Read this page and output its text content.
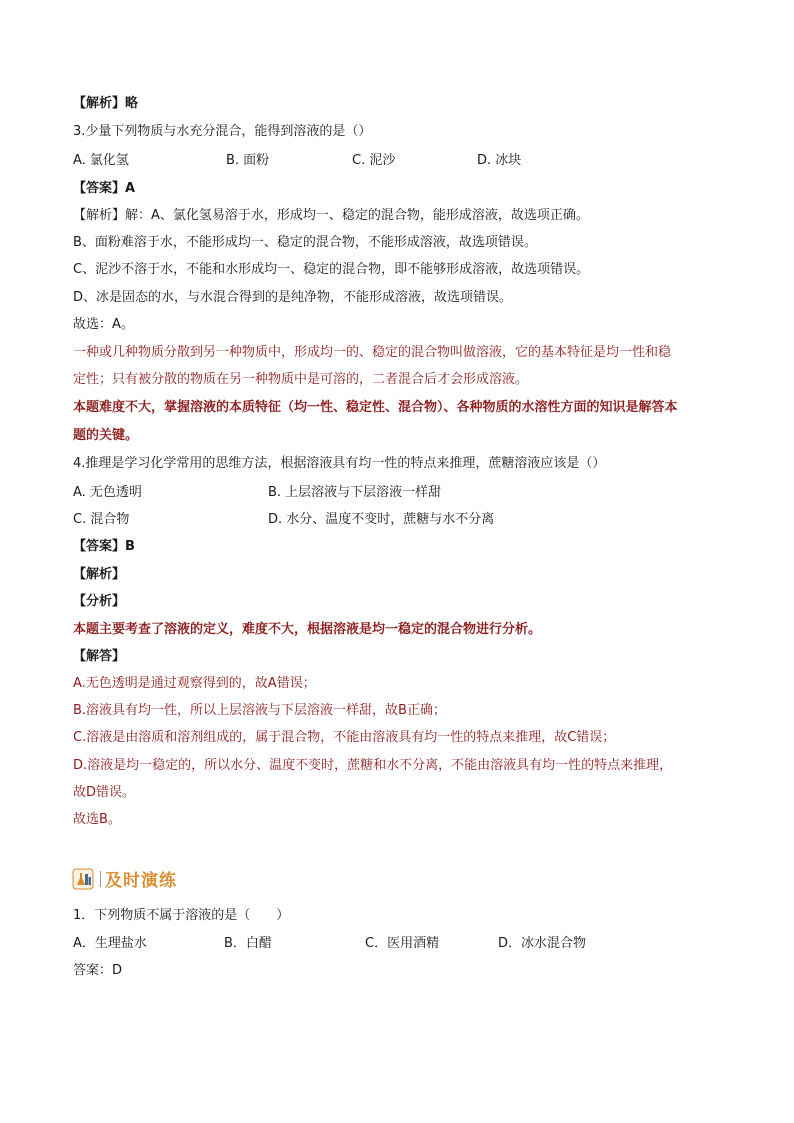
【解析】略
3.少量下列物质与水充分混合，能得到溶液的是（）
A. 氯化氢	B. 面粉	C. 泥沙	D. 冰块
【答案】A
【解析】解：A、氯化氢易溶于水，形成均一、稳定的混合物，能形成溶液，故选项正确。
B、面粉难溶于水，不能形成均一、稳定的混合物，不能形成溶液，故选项错误。
C、泥沙不溶于水，不能和水形成均一、稳定的混合物，即不能够形成溶液，故选项错误。
D、冰是固态的水，与水混合得到的是纯净物，不能形成溶液，故选项错误。
故选：A。
一种或几种物质分散到另一种物质中，形成均一的、稳定的混合物叫做溶液，它的基本特征是均一性和稳
定性；只有被分散的物质在另一种物质中是可溶的，二者混合后才会形成溶液。
本题难度不大，掌握溶液的本质特征（均一性、稳定性、混合物）、各种物质的水溶性方面的知识是解答本
题的关键。
4.推理是学习化学常用的思维方法，根据溶液具有均一性的特点来推理，蔗糖溶液应该是（）
A. 无色透明	B. 上层溶液与下层溶液一样甜
C. 混合物	D. 水分、温度不变时，蔗糖与水不分离
【答案】B
【解析】
【分析】
本题主要考查了溶液的定义，难度不大，根据溶液是均一稳定的混合物进行分析。
【解答】
A.无色透明是通过观察得到的，故A错误；
B.溶液具有均一性，所以上层溶液与下层溶液一样甜，故B正确；
C.溶液是由溶质和溶剂组成的，属于混合物，不能由溶液具有均一性的特点来推理，故C错误；
D.溶液是均一稳定的，所以水分、温度不变时，蔗糖和水不分离，不能由溶液具有均一性的特点来推理，
故D错误。
故选B。
及时演练
1．下列物质不属于溶液的是（　　）
A．生理盐水	B．白醋	C．医用酒精	D．冰水混合物
答案：D
